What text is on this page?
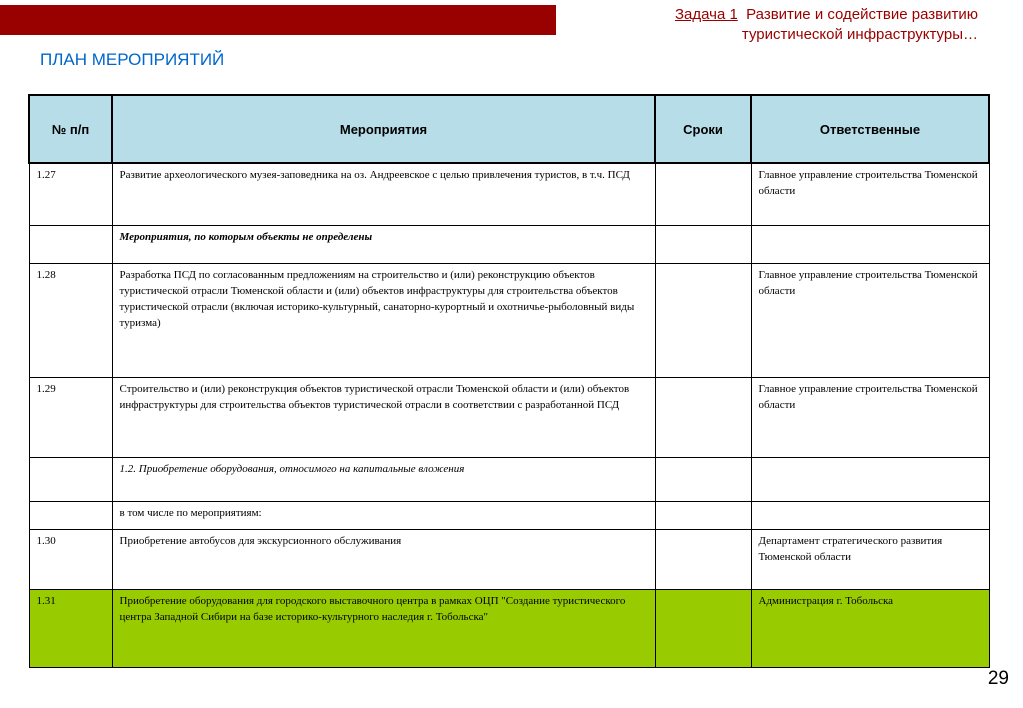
Задача 1 Развитие и содействие развитию
туристической инфраструктуры…
ПЛАН МЕРОПРИЯТИЙ
№ п/п	Мероприятия	Сроки	Ответственные
1.27	Развитие археологического музея-заповедника на оз. Андреевское с целью привлечения туристов, в т.ч. ПСД		Главное управление строительства Тюменской области
	Мероприятия, по которым объекты не определены		
1.28	Разработка ПСД по согласованным предложениям на строительство и (или) реконструкцию объектов туристической отрасли Тюменской области и (или) объектов инфраструктуры для строительства объектов туристической отрасли (включая историко-культурный, санаторно-курортный и охотничье-рыболовный виды туризма)		Главное управление строительства Тюменской области
1.29	Строительство и (или) реконструкция объектов туристической отрасли Тюменской области и (или) объектов инфраструктуры для строительства объектов туристической отрасли в соответствии с разработанной ПСД		Главное управление строительства Тюменской области
	1.2. Приобретение оборудования, относимого на капитальные вложения		
	в том числе по мероприятиям:		
1.30	Приобретение автобусов для экскурсионного обслуживания		Департамент стратегического развития Тюменской области
1.31	Приобретение оборудования для городского выставочного центра в рамках ОЦП "Создание туристического центра Западной Сибири на базе историко-культурного наследия г. Тобольска"		Администрация г. Тобольска
29
